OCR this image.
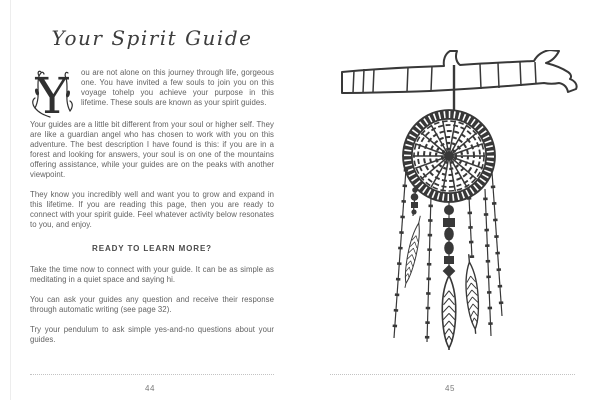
Your Spirit Guide
Y	ou are not alone on this journey through life, gorgeous one. You have invited a few souls to join you on this voyage tohelp you achieve your purpose in this lifetime. These souls are known as your spirit guides.

Your guides are a little bit different from your soul or higher self. They are like a guardian angel who has chosen to work with you on this adventure. The best description I have found is this: if you are in a forest and looking for answers, your soul is on one of the mountains offering assistance, while your guides are on the peaks with another viewpoint.

They know you incredibly well and want you to grow and expand in this lifetime. If you are reading this page, then you are ready to connect with your spirit guide. Feel whatever activity below resonates to you, and enjoy.

READY TO LEARN MORE?

Take the time now to connect with your guide. It can be as simple as meditating in a quiet space and saying hi.

You can ask your guides any question and receive their response through automatic writing (see page 32).

Try your pendulum to ask simple yes-and-no questions about your guides.

44	45
